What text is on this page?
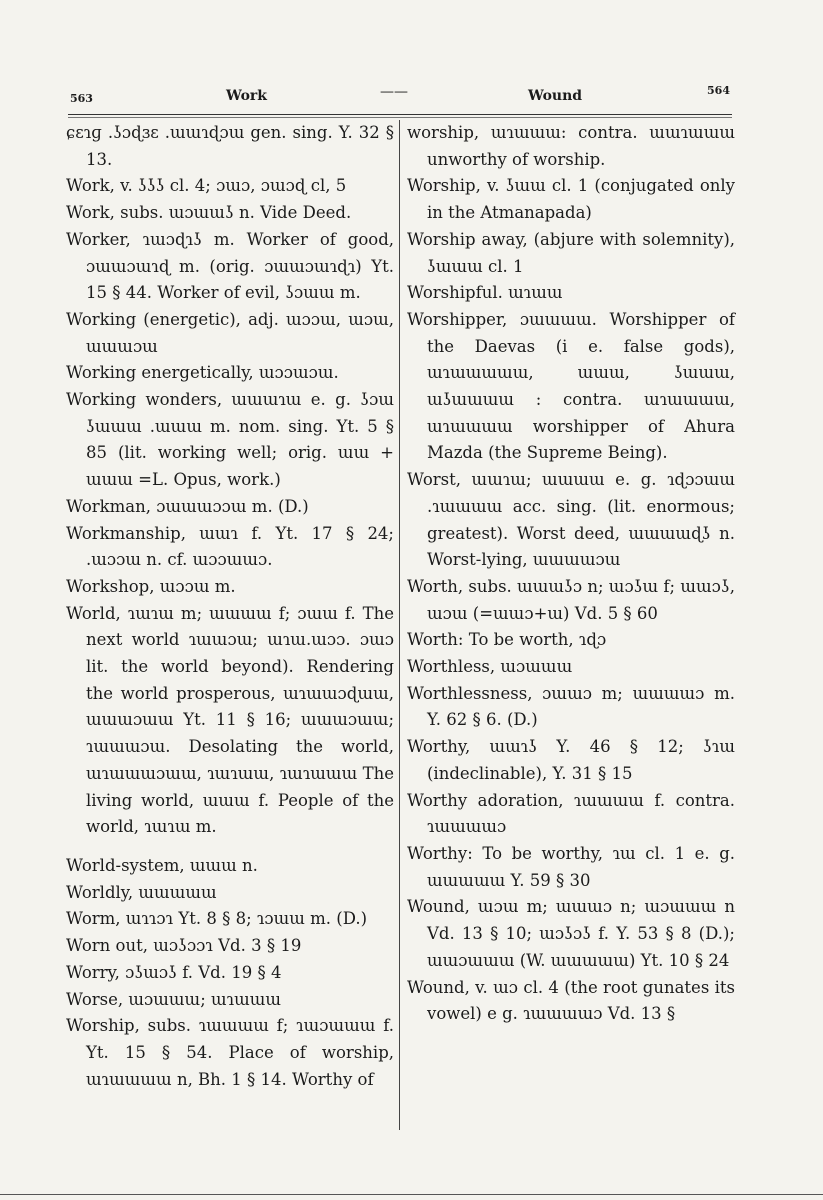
563	Work	——	Wound	564
ɕɛɿɡ .ʖɔɖɜɛ .ɯɯɿɖɔɯ gen. sing. Y. 32 § 13.
Work, v. ʖʖʖ cl. 4; ɔɯɔ, ɔɯɔɖ cl, 5
Work, subs. ɯɔɯɯʖ n. Vide Deed.
Worker, ɿɯɔɖɿʖ m. Worker of good, ɔɯɯɔɯɿɖ m. (orig. ɔɯɯɔɯɿɖɿ) Yt. 15 § 44. Worker of evil, ʖɔɯɯ m.
Working (energetic), adj. ɯɔɔɯ, ɯɔɯ, ɯɯɯɔɯ
Working energetically, ɯɔɔɯɔɯ.
Working wonders, ɯɯɯɿɯ e. g. ʖɔɯ ʖɯɯɯ .ɯɯɯ m. nom. sing. Yt. 5 § 85 (lit. working well; orig. ɯɯ + ɯɯɯ =L. Opus, work.)
Workman, ɔɯɯɯɔɔɯ m. (D.)
Workmanship, ɯɯɿ f. Yt. 17 § 24; .ɯɔɔɯ n. cf. ɯɔɔɯɯɔ.
Workshop, ɯɔɔɯ m.
World, ɿɯɿɯ m; ɯɯɯɯ f; ɔɯɯ f. The next world ɿɯɯɔɯ; ɯɿɯ.ɯɔɔ. ɔɯɔ lit. the world beyond). Rendering the world prosperous, ɯɿɯɯɔɖɯɯ, ɯɯɯɔɯɯ Yt. 11 § 16; ɯɯɯɔɯɯ; ɿɯɯɯɔɯ. Desolating the world, ɯɿɯɯɯɔɯɯ, ɿɯɿɯɯ, ɿɯɿɯɯɯ The living world, ɯɯɯ f. People of the world, ɿɯɿɯ m.
World-system, ɯɯɯ n.
Worldly, ɯɯɯɯɯ
Worm, ɯɿɿɔɿ Yt. 8 § 8; ɿɔɯɯ m. (D.)
Worn out, ɯɔʖɔɔɿ Vd. 3 § 19
Worry, ɔʖɯɔʖ f. Vd. 19 § 4
Worse, ɯɔɯɯɯ; ɯɿɯɯɯ
Worship, subs. ɿɯɯɯɯ f; ɿɯɔɯɯɯ f. Yt. 15 § 54. Place of worship, ɯɿɯɯɯɯ n, Bh. 1 § 14. Worthy of
worship, ɯɿɯɯɯ: contra. ɯɯɿɯɯɯ unworthy of worship.
Worship, v. ʖɯɯ cl. 1 (conjugated only in the Atmanapada)
Worship away, (abjure with solemnity), ʖɯɯɯ cl. 1
Worshipful. ɯɿɯɯ
Worshipper, ɔɯɯɯɯ. Worshipper of the Daevas (i e. false gods), ɯɿɯɯɯɯɯ, ɯɯɯ, ʖɯɯɯ, ɯʖɯɯɯɯ : contra. ɯɿɯɯɯɯ, ɯɿɯɯɯɯ worshipper of Ahura Mazda (the Supreme Being).
Worst, ɯɯɿɯ; ɯɯɯɯ e. g. ɿɖɔɔɯɯ .ɿɯɯɯɯ acc. sing. (lit. enormous; greatest). Worst deed, ɯɯɯɯɖʖ n. Worst-lying, ɯɯɯɯɔɯ
Worth, subs. ɯɯɯʖɔ n; ɯɔʖɯ f; ɯɯɔʖ, ɯɔɯ (=ɯɯɔ+ɯ) Vd. 5 § 60
Worth: To be worth, ɿɖɔ
Worthless, ɯɔɯɯɯ
Worthlessness, ɔɯɯɔ m; ɯɯɯɯɔ m. Y. 62 § 6. (D.)
Worthy, ɯɯɿʖ Y. 46 § 12; ʖɿɯ (indeclinable), Y. 31 § 15
Worthy adoration, ɿɯɯɯɯ f. contra. ɿɯɯɯɯɔ
Worthy: To be worthy, ɿɯ cl. 1 e. g. ɯɯɯɯɯ Y. 59 § 30
Wound, ɯɔɯ m; ɯɯɯɔ n; ɯɔɯɯɯ n Vd. 13 § 10; ɯɔʖɔʖ f. Y. 53 § 8 (D.); ɯɯɔɯɯɯ (W. ɯɯɯɯɯ) Yt. 10 § 24
Wound, v. ɯɔ cl. 4 (the root gunates its vowel) e g. ɿɯɯɯɯɔ Vd. 13 §
